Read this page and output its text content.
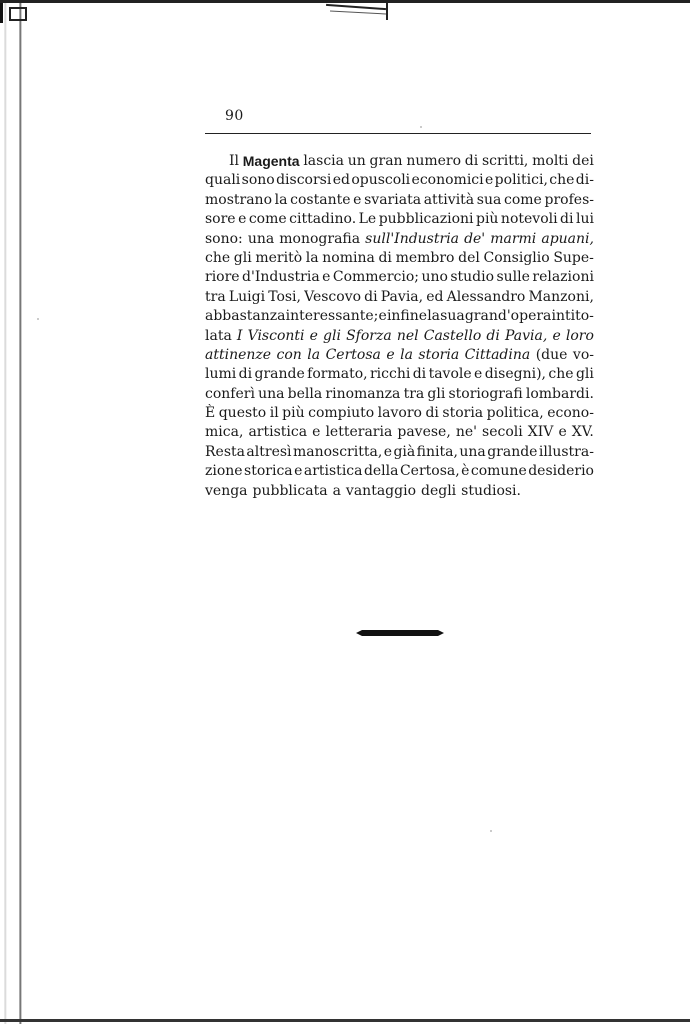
90
Il Magenta lascia un gran numero di scritti, molti dei
quali sono discorsi ed opuscoli economici e politici, che di-
mostrano la costante e svariata attività sua come profes-
sore e come cittadino. Le pubblicazioni più notevoli di lui
sono: una monografia sull'Industria de' marmi apuani,
che gli meritò la nomina di membro del Consiglio Supe-
riore d'Industria e Commercio; uno studio sulle relazioni
tra Luigi Tosi, Vescovo di Pavia, ed Alessandro Manzoni,
abbastanza interessante; e infine la sua grand'opera intito-
lata I Visconti e gli Sforza nel Castello di Pavia, e loro
attinenze con la Certosa e la storia Cittadina (due vo-
lumi di grande formato, ricchi di tavole e disegni), che gli
conferì una bella rinomanza tra gli storiografi lombardi.
È questo il più compiuto lavoro di storia politica, econo-
mica, artistica e letteraria pavese, ne' secoli XIV e XV.
Resta altresì manoscritta, e già finita, una grande illustra-
zione storica e artistica della Certosa, è comune desiderio
venga pubblicata a vantaggio degli studiosi.
